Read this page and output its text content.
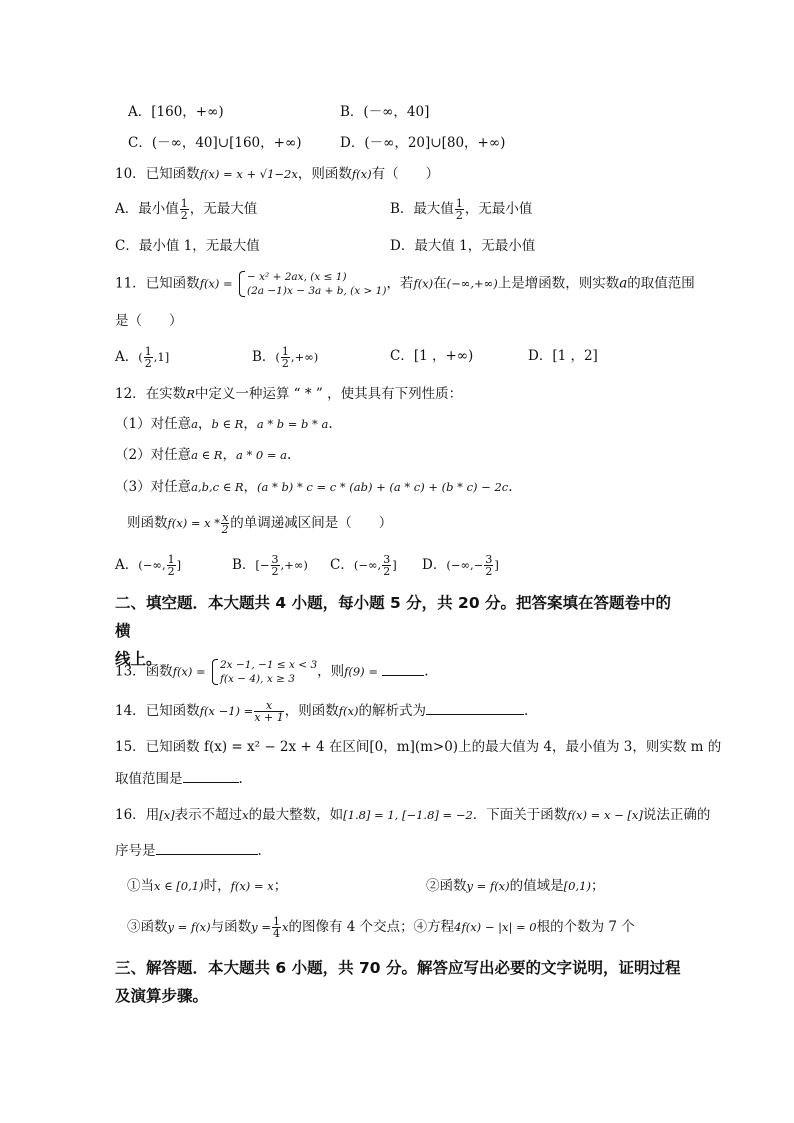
A．[160，+∞)	B．(－∞，40]
C．(－∞，40]∪[160，+∞)	D．(－∞，20]∪[80，+∞)
10．已知函数f(x) = x + √1−2x，则函数f(x)有（　　）
A．最小值 $\frac{1}{2}$ ，无最大值	B．最大值 $\frac{1}{2}$ ，无最小值
C．最小值 1，无最大值	D．最大值 1，无最小值
11．已知函数f(x) = − x² + 2ax, (x ≤ 1)
(2a −1)x − 3a + b, (x > 1) ，若f(x)在(−∞,+∞)上是增函数，则实数a的取值范围
是（　　）
A．( $\frac{1}{2} ,1$]	B．( $\frac{1}{2}$ ,+∞)	C．[1 ，+∞)	D．[1 ，2]
12．在实数R中定义一种运算 “ * ” ，使其具有下列性质：
（1）对任意a，b ∈ R，a * b = b * a.
（2）对任意a ∈ R，a * 0 = a.
（3）对任意a,b,c ∈ R，(a * b) * c = c * (ab) + (a * c) + (b * c) − 2c.
则函数$f(x) = x * \frac{x}{2}$ 的单调递减区间是（　　）
A．(−∞, $\frac{1}{2}$ ]	B．[− $\frac{3}{2}$ ,+∞) C．(−∞, $\frac{3}{2}$ ] D．(−∞,− $\frac{3}{2}$ ]
二、填空题．本大题共 4 小题，每小题 5 分，共 20 分。把答案填在答题卷中的横
线上。
13．函数f(x) = 2x −1, −1 ≤ x < 3
f(x − 4), x ≥ 3	，则f(9) =	.
14．已知函数$f(x -1) = \frac{x}{x + 1}$ ，则函数f(x)的解析式为	.
15．已知函数 f(x) = x² − 2x + 4 在区间[0，m](m>0)上的最大值为 4，最小值为 3，则实数 m 的
取值范围是	.
16．用[x]表示不超过x的最大整数，如[1.8] = 1, [−1.8] = −2．下面关于函数f(x) = x − [x]说法正确的
序号是	.
①当x ∈ [0,1)时，f(x) = x；	②函数y = f(x)的值域是[0,1)；
③函数y = f(x)与函数$y = \frac{1}{4}$ x的图像有 4 个交点；④方程4f(x) − |x| = 0根的个数为 7 个
三、解答题．本大题共 6 小题，共 70 分。解答应写出必要的文字说明，证明过程
及演算步骤。
